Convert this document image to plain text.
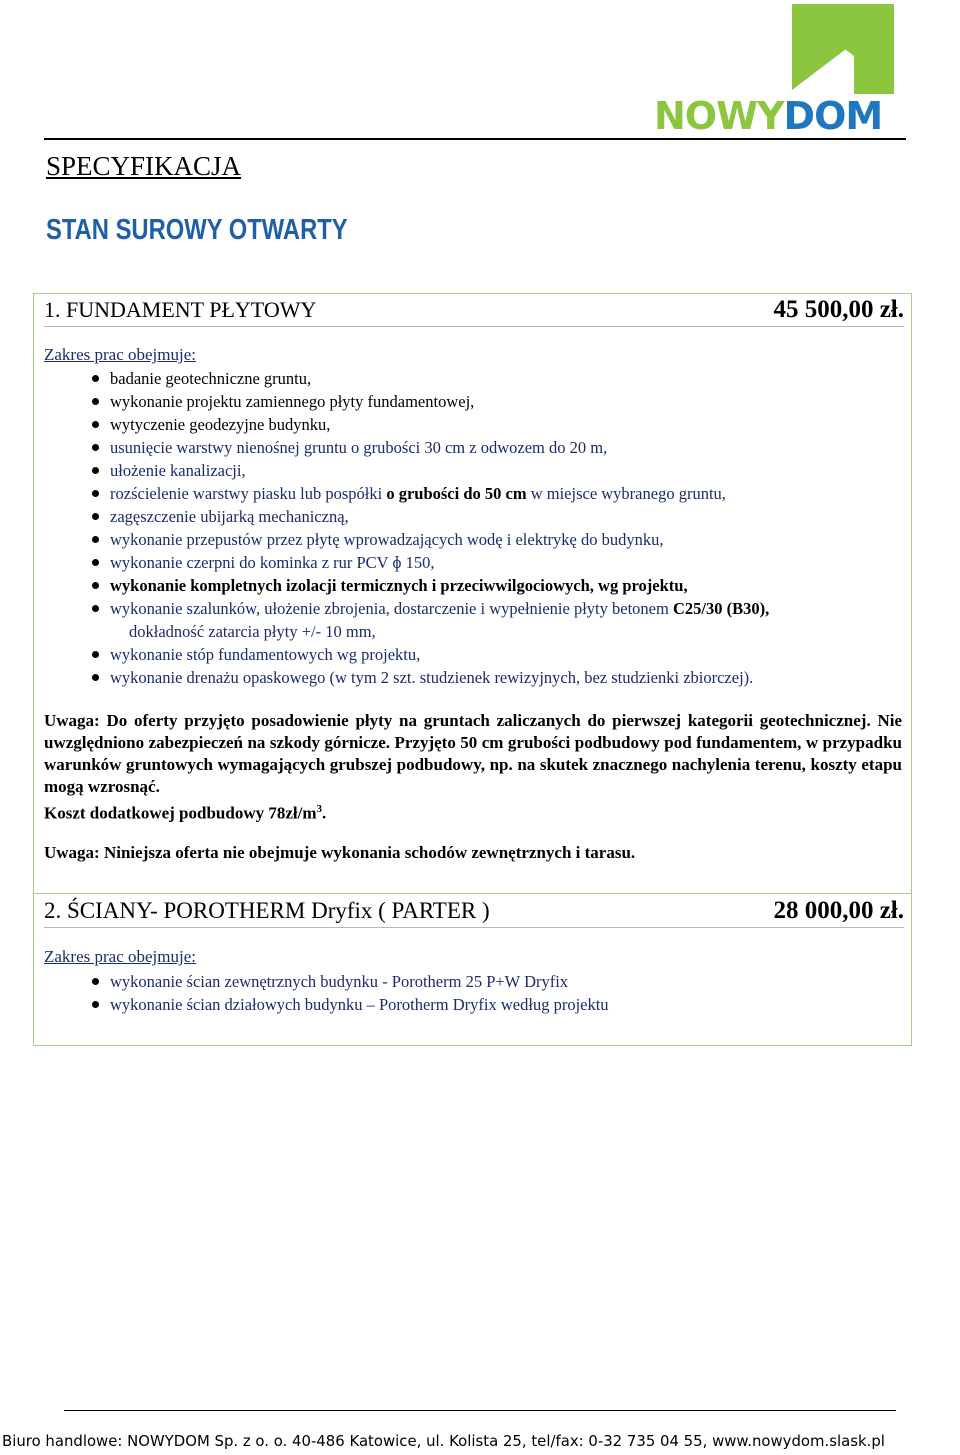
NOWYDOM
SPECYFIKACJA
STAN SUROWY OTWARTY
1. FUNDAMENT PŁYTOWY	45 500,00 zł.
Zakres prac obejmuje:
badanie geotechniczne gruntu,
wykonanie projektu zamiennego płyty fundamentowej,
wytyczenie geodezyjne budynku,
usunięcie warstwy nienośnej gruntu o grubości 30 cm z odwozem do 20 m,
ułożenie kanalizacji,
rozścielenie warstwy piasku lub pospółki o grubości do 50 cm w miejsce wybranego gruntu,
zagęszczenie ubijarką mechaniczną,
wykonanie przepustów przez płytę wprowadzających wodę i elektrykę do budynku,
wykonanie czerpni do kominka z rur PCV ɸ 150,
wykonanie kompletnych izolacji termicznych i przeciwwilgociowych, wg projektu,
wykonanie szalunków, ułożenie zbrojenia, dostarczenie i wypełnienie płyty betonem C25/30 (B30),
dokładność zatarcia płyty +/- 10 mm,
wykonanie stóp fundamentowych wg projektu,
wykonanie drenażu opaskowego (w tym 2 szt. studzienek rewizyjnych, bez studzienki zbiorczej).

Uwaga: Do oferty przyjęto posadowienie płyty na gruntach zaliczanych do pierwszej kategorii geotechnicznej. Nie uwzględniono zabezpieczeń na szkody górnicze. Przyjęto 50 cm grubości podbudowy pod fundamentem, w przypadku warunków gruntowych wymagających grubszej podbudowy, np. na skutek znacznego nachylenia terenu, koszty etapu mogą wzrosnąć.

Koszt dodatkowej podbudowy $78zł/m^3$.

Uwaga: Niniejsza oferta nie obejmuje wykonania schodów zewnętrznych i tarasu.
2. ŚCIANY- POROTHERM Dryfix ( PARTER )	28 000,00 zł.
Zakres prac obejmuje:
wykonanie ścian zewnętrznych budynku - Porotherm 25 P+W Dryfix
wykonanie ścian działowych budynku – Porotherm Dryfix według projektu
Biuro handlowe: NOWYDOM Sp. z o. o. 40-486 Katowice, ul. Kolista 25, tel/fax: 0-32 735 04 55, www.nowydom.slask.pl
